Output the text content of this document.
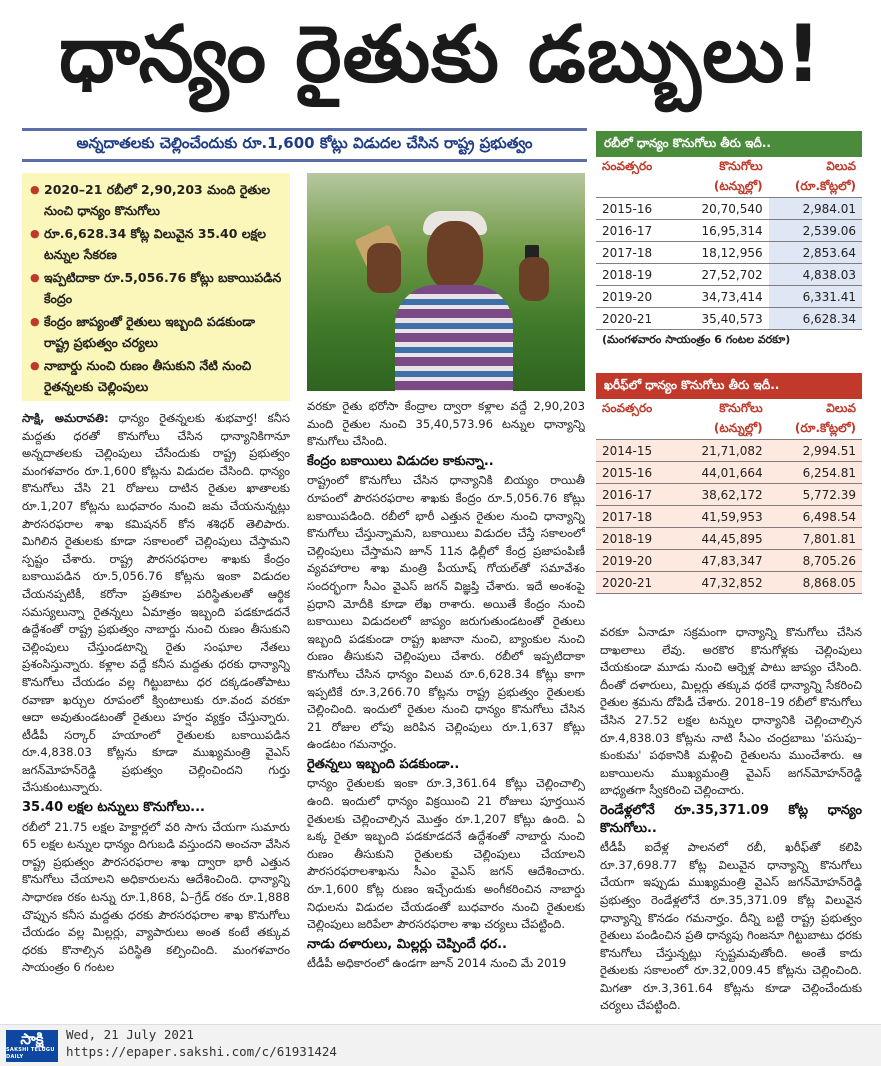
ధాన్యం రైతుకు డబ్బులు!
అన్నదాతలకు చెల్లించేందుకు రూ.1,600 కోట్లు విడుదల చేసిన రాష్ట్ర ప్రభుత్వం
● 2020–21 రబీలో 2,90,203 మంది రైతుల నుంచి ధాన్యం కొనుగోలు
● రూ.6,628.34 కోట్ల విలువైన 35.40 లక్షల టన్నుల సేకరణ
● ఇప్పటిదాకా రూ.5,056.76 కోట్లు బకాయిపడిన కేంద్రం
● కేంద్రం జాప్యంతో రైతులు ఇబ్బంది పడకుండా రాష్ట్ర ప్రభుత్వం చర్యలు
● నాబార్డు నుంచి రుణం తీసుకుని నేటి నుంచి రైతన్నలకు చెల్లింపులు

సాక్షి, అమరావతి: ధాన్యం రైతన్నలకు శుభవార్త! కనీస మద్దతు ధరతో కొనుగోలు చేసిన ధాన్యానికిగానూ అన్నదాతలకు చెల్లింపులు చేసేందుకు రాష్ట్ర ప్రభుత్వం మంగళవారం రూ.1,600 కోట్లను విడుదల చేసింది. ధాన్యం కొనుగోలు చేసి 21 రోజులు దాటిన రైతుల ఖాతాలకు రూ.1,207 కోట్లను బుధవారం నుంచి జమ చేయనున్నట్లు పౌరసరఫరాల శాఖ కమిషనర్ కోన శశిధర్ తెలిపారు. మిగిలిన రైతులకు కూడా సకాలంలో చెల్లింపులు చేస్తామని స్పష్టం చేశారు. రాష్ట్ర పౌరసరఫరాల శాఖకు కేంద్రం బకాయిపడిన రూ.5,056.76 కోట్లను ఇంకా విడుదల చేయనప్పటికీ, కరోనా ప్రతికూల పరిస్థితులతో ఆర్థిక సమస్యలున్నా రైతన్నలు ఏమాత్రం ఇబ్బంది పడకూడదనే ఉద్దేశంతో రాష్ట్ర ప్రభుత్వం నాబార్డు నుంచి రుణం తీసుకుని చెల్లింపులు చేస్తుండటాన్ని రైతు సంఘాల నేతలు ప్రశంసిస్తున్నారు. కళ్లాల వద్దే కనీస మద్దతు ధరకు ధాన్యాన్ని కొనుగోలు చేయడం వల్ల గిట్టుబాటు ధర దక్కడంతోపాటు రవాణా ఖర్చుల రూపంలో క్వింటాలుకు రూ.వంద వరకూ ఆదా అవుతుండటంతో రైతులు హర్షం వ్యక్తం చేస్తున్నారు. టీడీపీ సర్కార్ హయాంలో రైతులకు బకాయిపడిన రూ.4,838.03 కోట్లను కూడా ముఖ్యమంత్రి వైఎస్ జగన్‌మోహన్‌రెడ్డి ప్రభుత్వం చెల్లించిందని గుర్తు చేసుకుంటున్నారు.

35.40 లక్షల టన్నులు కొనుగోలు...

రబీలో 21.75 లక్షల హెక్టార్లలో వరి సాగు చేయగా సుమారు 65 లక్షల టన్నుల ధాన్యం దిగుబడి వస్తుందని అంచనా వేసిన రాష్ట్ర ప్రభుత్వం పౌరసరఫరాల శాఖ ద్వారా భారీ ఎత్తున కొనుగోలు చేయాలని అధికారులను ఆదేశించింది. ధాన్యాన్ని సాధారణ రకం టన్ను రూ.1,868, ఏ–గ్రేడ్ రకం రూ.1,888 చొప్పున కనీస మద్దతు ధరకు పౌరసరఫరాల శాఖ కొనుగోలు చేయడం వల్ల మిల్లర్లు, వ్యాపారులు అంత కంటే తక్కువ ధరకు కొనాల్సిన పరిస్థితి కల్పించింది. మంగళవారం సాయంత్రం 6 గంటల

వరకూ రైతు భరోసా కేంద్రాల ద్వారా కళ్లాల వద్దే 2,90,203 మంది రైతుల నుంచి 35,40,573.96 టన్నుల ధాన్యాన్ని కొనుగోలు చేసింది.

కేంద్రం బకాయిలు విడుదల కాకున్నా..

రాష్ట్రంలో కొనుగోలు చేసిన ధాన్యానికి బియ్యం రాయితీ రూపంలో పౌరసరఫరాల శాఖకు కేంద్రం రూ.5,056.76 కోట్లు బకాయిపడింది. రబీలో భారీ ఎత్తున రైతుల నుంచి ధాన్యాన్ని కొనుగోలు చేస్తున్నామని, బకాయిలు విడుదల చేస్తే సకాలంలో చెల్లింపులు చేస్తామని జూన్ 11న ఢిల్లీలో కేంద్ర ప్రజాపంపిణీ వ్యవహారాల శాఖ మంత్రి పీయూష్ గోయల్‌తో సమావేశం సందర్భంగా సీఎం వైఎస్ జగన్ విజ్ఞప్తి చేశారు. ఇదే అంశంపై ప్రధాని మోదీకి కూడా లేఖ రాశారు. అయితే కేంద్రం నుంచి బకాయిలు విడుదలలో జాప్యం జరుగుతుండటంతో రైతులు ఇబ్బంది పడకుండా రాష్ట్ర ఖజానా నుంచి, బ్యాంకుల నుంచి రుణం తీసుకుని చెల్లింపులు చేశారు. రబీలో ఇప్పటిదాకా కొనుగోలు చేసిన ధాన్యం విలువ రూ.6,628.34 కోట్లు కాగా ఇప్పటికే రూ.3,266.70 కోట్లను రాష్ట్ర ప్రభుత్వం రైతులకు చెల్లించింది. ఇందులో రైతుల నుంచి ధాన్యం కొనుగోలు చేసిన 21 రోజుల లోపు జరిపిన చెల్లింపులు రూ.1,637 కోట్లు ఉండటం గమనార్హం.

రైతన్నలు ఇబ్బంది పడకుండా..

ధాన్యం రైతులకు ఇంకా రూ.3,361.64 కోట్లు చెల్లించాల్సి ఉంది. ఇందులో ధాన్యం విక్రయించి 21 రోజులు పూర్తయిన రైతులకు చెల్లించాల్సిన మొత్తం రూ.1,207 కోట్లు ఉంది. ఏ ఒక్క రైతూ ఇబ్బంది పడకూడదనే ఉద్దేశంతో నాబార్డు నుంచి రుణం తీసుకుని రైతులకు చెల్లింపులు చేయాలని పౌరసరఫరాలశాఖను సీఎం వైఎస్ జగన్ ఆదేశించారు. రూ.1,600 కోట్ల రుణం ఇచ్చేందుకు అంగీకరించిన నాబార్డు నిధులను విడుదల చేయడంతో బుధవారం నుంచి రైతులకు చెల్లింపులు జరిపేలా పౌరసరఫరాల శాఖ చర్యలు చేపట్టింది.

నాడు దళారులు, మిల్లర్లు చెప్పిందే ధర..

టీడీపీ అధికారంలో ఉండగా జూన్ 2014 నుంచి మే 2019

రబీలో ధాన్యం కొనుగోలు తీరు ఇదీ..
సంవత్సరం	కొనుగోలు	విలువ
	(టన్నుల్లో)	(రూ.కోట్లలో)
2015-16	20,70,540	2,984.01
2016-17	16,95,314	2,539.06
2017-18	18,12,956	2,853.64
2018-19	27,52,702	4,838.03
2019-20	34,73,414	6,331.41
2020-21	35,40,573	6,628.34
(మంగళవారం సాయంత్రం 6 గంటల వరకూ)
ఖరీఫ్‌లో ధాన్యం కొనుగోలు తీరు ఇదీ..
సంవత్సరం	కొనుగోలు	విలువ
	(టన్నుల్లో)	(రూ.కోట్లలో)
2014-15	21,71,082	2,994.51
2015-16	44,01,664	6,254.81
2016-17	38,62,172	5,772.39
2017-18	41,59,953	6,498.54
2018-19	44,45,895	7,801.81
2019-20	47,83,347	8,705.26
2020-21	47,32,852	8,868.05

వరకూ ఏనాడూ సక్రమంగా ధాన్యాన్ని కొనుగోలు చేసిన దాఖలాలు లేవు. అరకొర కొనుగోళ్లకు చెల్లింపులు చేయకుండా మూడు నుంచి ఆర్నెళ్ల పాటు జాప్యం చేసింది. దీంతో దళారులు, మిల్లర్లు తక్కువ ధరకే ధాన్యాన్ని సేకరించి రైతుల శ్రమను దోపిడీ చేశారు. 2018–19 రబీలో కొనుగోలు చేసిన 27.52 లక్షల టన్నుల ధాన్యానికి చెల్లించాల్సిన రూ.4,838.03 కోట్లను నాటి సీఎం చంద్రబాబు 'పసుపు–కుంకుమ' పథకానికి మళ్లించి రైతులను ముంచేశారు. ఆ బకాయిలను ముఖ్యమంత్రి వైఎస్ జగన్‌మోహన్‌రెడ్డి బాధ్యతగా స్వీకరించి చెల్లించారు.

రెండేళ్లలోనే రూ.35,371.09 కోట్ల ధాన్యం కొనుగోలు..

టీడీపీ ఐదేళ్ల పాలనలో రబీ, ఖరీఫ్‌తో కలిపి రూ.37,698.77 కోట్ల విలువైన ధాన్యాన్ని కొనుగోలు చేయగా ఇప్పుడు ముఖ్యమంత్రి వైఎస్ జగన్‌మోహన్‌రెడ్డి ప్రభుత్వం రెండేళ్లలోనే రూ.35,371.09 కోట్ల విలువైన ధాన్యాన్ని కొనడం గమనార్హం. దీన్ని బట్టి రాష్ట్ర ప్రభుత్వం రైతులు పండించిన ప్రతి ధాన్యపు గింజనూ గిట్టుబాటు ధరకు కొనుగోలు చేస్తున్నట్లు స్పష్టమవుతోంది. అంతే కాదు రైతులకు సకాలంలో రూ.32,009.45 కోట్లను చెల్లించింది. మిగతా రూ.3,361.64 కోట్లను కూడా చెల్లించేందుకు చర్యలు చేపట్టింది.

సాక్షి
SAKSHI TELUGU DAILY
Wed, 21 July 2021
https://epaper.sakshi.com/c/61931424
